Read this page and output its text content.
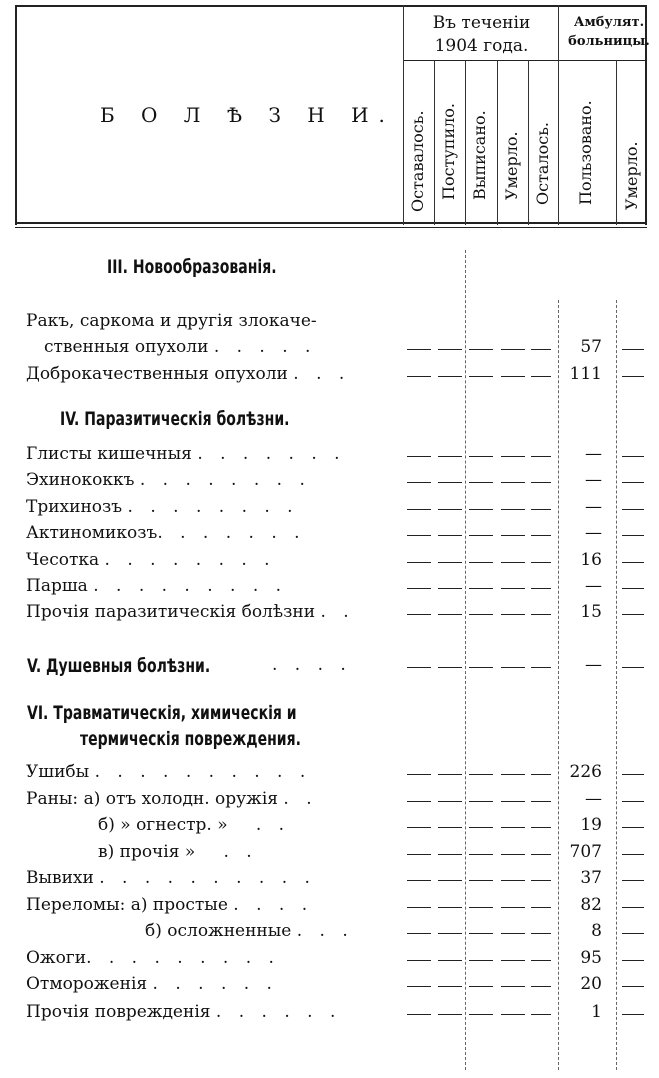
Б О Л Ѣ З Н И.
Въ теченіи
1904 года.
Амбулят.
больницы.
Оставалось. Поступило. Выписано. Умерло. Осталось. Пользовано. Умерло.
III. Новообразованія.
IV. Паразитическія болѣзни.
V. Душевныя болѣзни.
VI. Травматическія, химическія и
термическія повреждения.
Ракъ, саркома и другія злокаче-
ственныя опухоли . . . . .
Доброкачественныя опухоли . . .
Глисты кишечныя . . . . . . .
Эхинококкъ . . . . . . . .
Трихинозъ . . . . . . . .
Актиномикозъ. . . . . . .
Чесотка . . . . . . . .
Парша . . . . . . . . .
Прочія паразитическія болѣзни . .
. . . .
Ушибы . . . . . . . . . .
Раны: а) отъ холодн. оружія . .
б) » огнестр. »   . .
в) прочія »   . .
Вывихи . . . . . . . . . .
Переломы: а) простые . . . .
б) осложненные . . .
Ожоги. . . . . . . . .
Отмороженія . . . . . .
Прочія поврежденія . . . . . .
57
111
—
—
—
—
16
—
15
—
226
—
19
707
37
82
8
95
20
1
